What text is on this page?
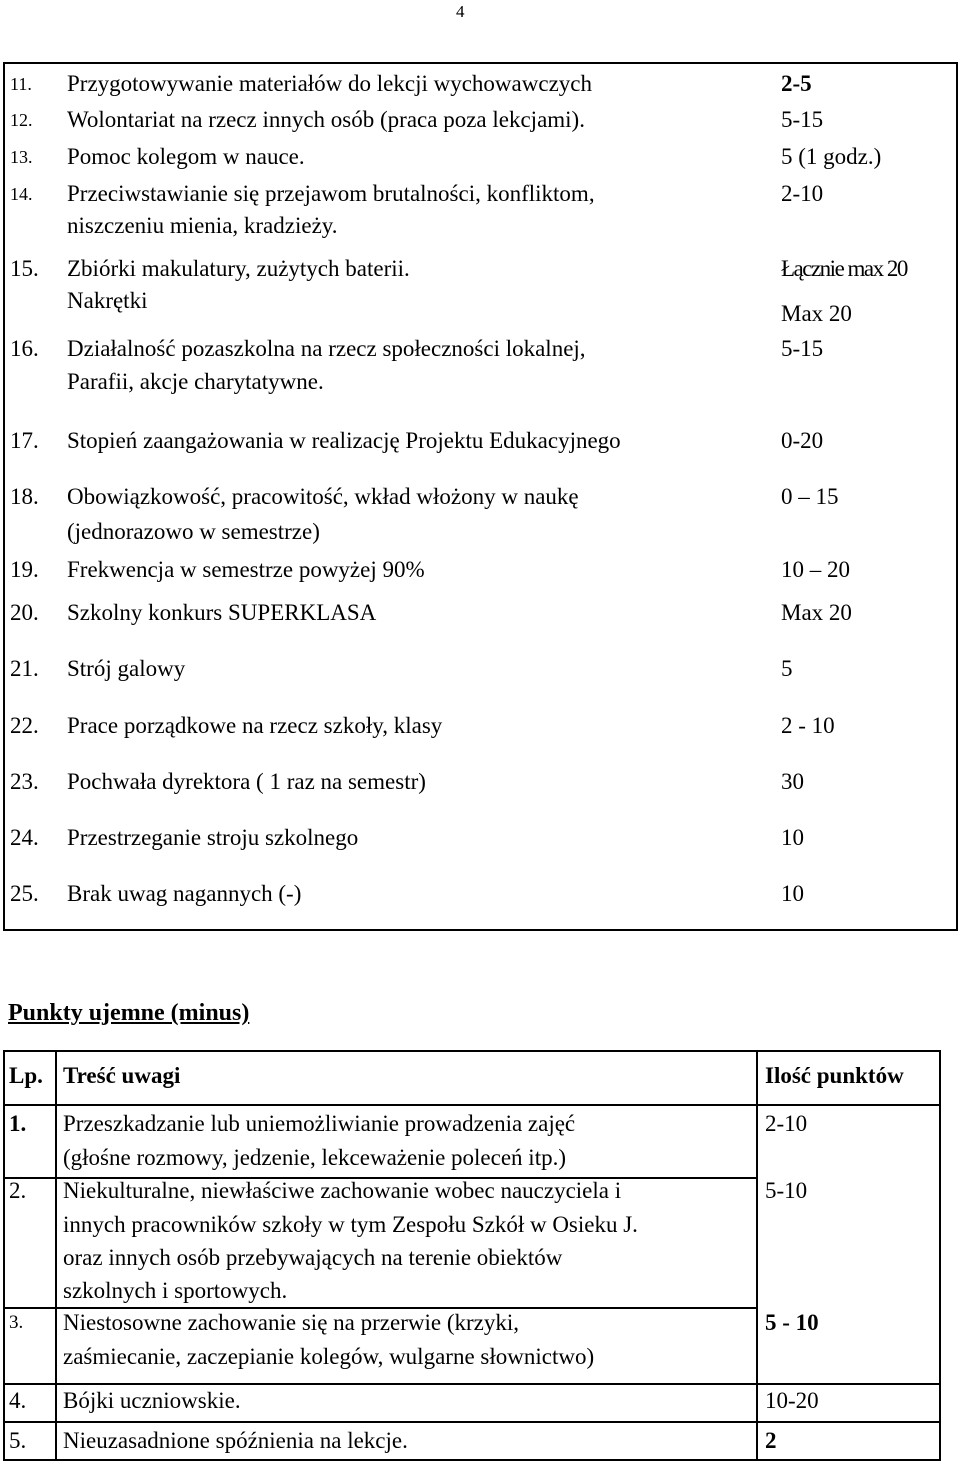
4
11. Przygotowywanie materiałów do lekcji wychowawczych	2-5
12. Wolontariat na rzecz innych osób (praca poza lekcjami).	5-15
13. Pomoc kolegom w nauce.	5 (1 godz.)
14. Przeciwstawianie się przejawom brutalności, konfliktom,
niszczeniu mienia, kradzieży.
2-10
15. Zbiórki makulatury, zużytych baterii.
Nakrętki
Łącznie max 20
Max 20
16. Działalność pozaszkolna na rzecz społeczności lokalnej,
Parafii, akcje charytatywne.
5-15
17. Stopień zaangażowania w realizację Projektu Edukacyjnego	0-20
18. Obowiązkowość, pracowitość, wkład włożony w naukę
(jednorazowo w semestrze)
0 – 15
19. Frekwencja w semestrze powyżej 90%	10 – 20
20. Szkolny konkurs SUPERKLASA	Max 20
21. Strój galowy	5
22. Prace porządkowe na rzecz szkoły, klasy	2 - 10
23. Pochwała dyrektora ( 1 raz na semestr)	30
24. Przestrzeganie stroju szkolnego	10
25. Brak uwag nagannych (-)	10
Punkty ujemne (minus)
Lp. Treść uwagi	Ilość punktów
1. Przeszkadzanie lub uniemożliwianie prowadzenia zajęć
(głośne rozmowy, jedzenie, lekceważenie poleceń itp.)
2-10
2. Niekulturalne, niewłaściwe zachowanie wobec nauczyciela i
innych pracowników szkoły w tym Zespołu Szkół w Osieku J.
oraz innych osób przebywających na terenie obiektów
szkolnych i sportowych.
5-10
3. Niestosowne zachowanie się na przerwie (krzyki,
zaśmiecanie, zaczepianie kolegów, wulgarne słownictwo)
5 - 10
4. Bójki uczniowskie.	10-20
5. Nieuzasadnione spóźnienia na lekcje.	2
